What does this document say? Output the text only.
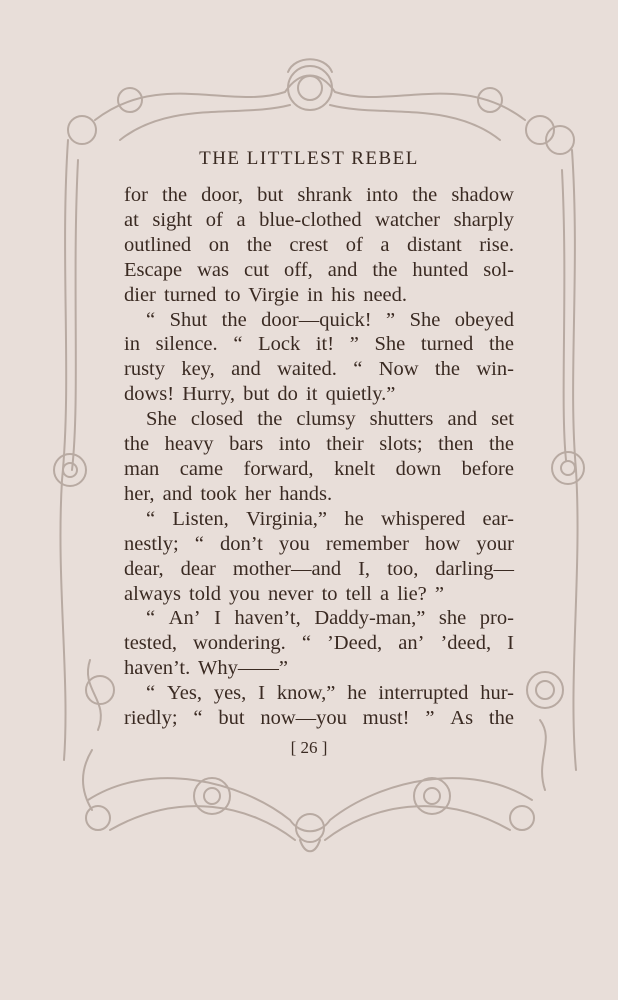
THE LITTLEST REBEL
for the door, but shrank into the shadow
at sight of a blue-clothed watcher sharply
outlined on the crest of a distant rise.
Escape was cut off, and the hunted sol-
dier turned to Virgie in his need.
“ Shut the door—quick! ” She obeyed
in silence. “ Lock it! ” She turned the
rusty key, and waited. “ Now the win-
dows! Hurry, but do it quietly.”
She closed the clumsy shutters and set
the heavy bars into their slots; then the
man came forward, knelt down before
her, and took her hands.
“ Listen, Virginia,” he whispered ear-
nestly; “ don’t you remember how your
dear, dear mother—and I, too, darling—
always told you never to tell a lie? ”
“ An’ I haven’t, Daddy-man,” she pro-
tested, wondering. “ ’Deed, an’ ’deed, I
haven’t. Why——”
“ Yes, yes, I know,” he interrupted hur-
riedly; “ but now—you must! ” As the
[ 26 ]
